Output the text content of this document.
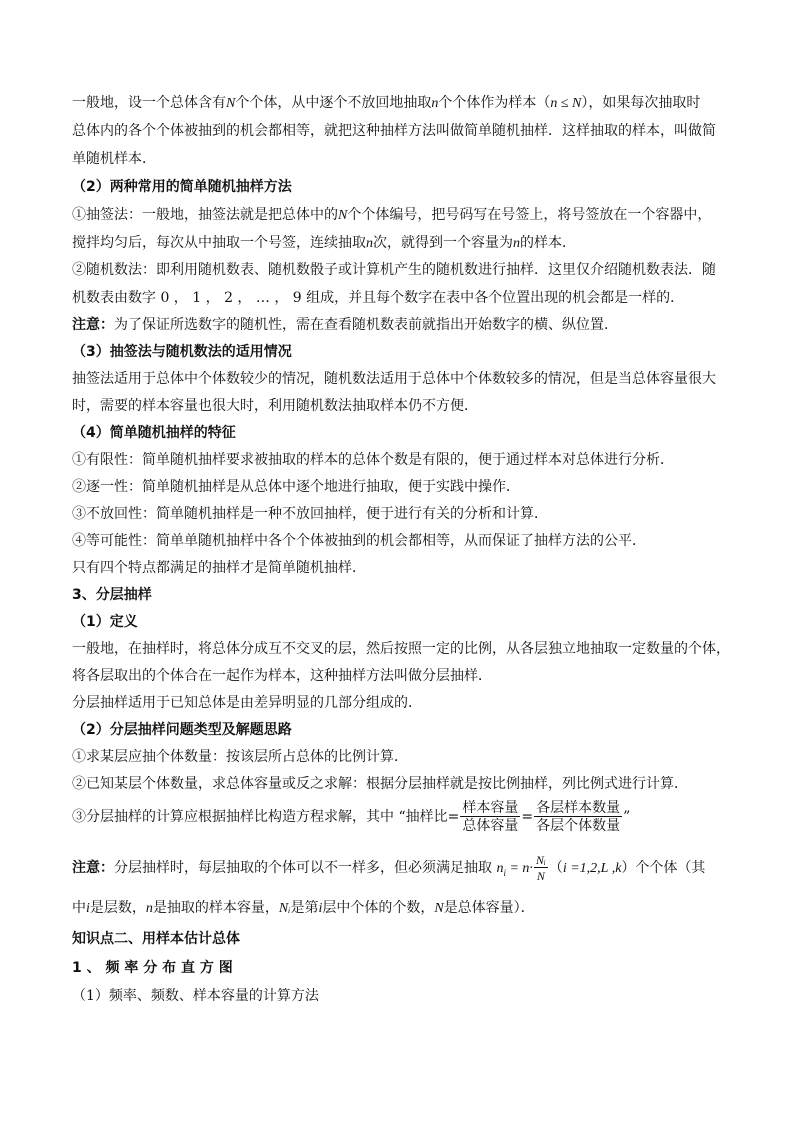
一般地，设一个总体含有N个个体，从中逐个不放回地抽取n个个体作为样本（n ≤ N），如果每次抽取时
总体内的各个个体被抽到的机会都相等，就把这种抽样方法叫做简单随机抽样．这样抽取的样本，叫做简
单随机样本．
（2）两种常用的简单随机抽样方法
①抽签法：一般地，抽签法就是把总体中的N个个体编号，把号码写在号签上，将号签放在一个容器中，
搅拌均匀后，每次从中抽取一个号签，连续抽取n次，就得到一个容量为n的样本．
②随机数法：即利用随机数表、随机数骰子或计算机产生的随机数进行抽样．这里仅介绍随机数表法．随
机数表由数字 0 ， 1 ， 2 ， … ， 9 组成，并且每个数字在表中各个位置出现的机会都是一样的．
注意：为了保证所选数字的随机性，需在查看随机数表前就指出开始数字的横、纵位置．
（3）抽签法与随机数法的适用情况
抽签法适用于总体中个体数较少的情况，随机数法适用于总体中个体数较多的情况，但是当总体容量很大
时，需要的样本容量也很大时，利用随机数法抽取样本仍不方便．
（4）简单随机抽样的特征
①有限性：简单随机抽样要求被抽取的样本的总体个数是有限的，便于通过样本对总体进行分析．
②逐一性：简单随机抽样是从总体中逐个地进行抽取，便于实践中操作．
③不放回性：简单随机抽样是一种不放回抽样，便于进行有关的分析和计算．
④等可能性：简单单随机抽样中各个个体被抽到的机会都相等，从而保证了抽样方法的公平．
只有四个特点都满足的抽样才是简单随机抽样．
3、分层抽样
（1）定义
一般地，在抽样时，将总体分成互不交叉的层，然后按照一定的比例，从各层独立地抽取一定数量的个体，
将各层取出的个体合在一起作为样本，这种抽样方法叫做分层抽样．
分层抽样适用于已知总体是由差异明显的几部分组成的．
（2）分层抽样问题类型及解题思路
①求某层应抽个体数量：按该层所占总体的比例计算．
②已知某层个体数量，求总体容量或反之求解：根据分层抽样就是按比例抽样，列比例式进行计算．
③分层抽样的计算应根据抽样比构造方程求解，其中 “抽样比= $\frac{\text{样本容量}}{\text{总体容量}} = \frac{\text{各层样本数量}}{\text{各层个体数量}}$ ”
注意：分层抽样时，每层抽取的个体可以不一样多，但必须满足抽取 $n_i = n\cdot \frac{\text{Nᵢ}}{N} (i =1,2,L$ ,k）个个体（其
中i是层数，n是抽取的样本容量，Nᵢ是第i层中个体的个数，N是总体容量）．
知识点二、用样本估计总体
1 、 频 率 分 布 直 方 图
（1）频率、频数、样本容量的计算方法
